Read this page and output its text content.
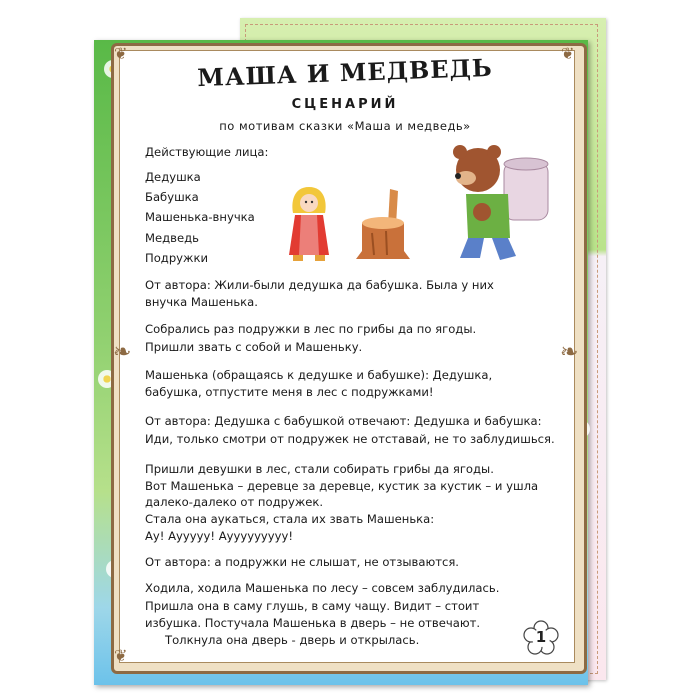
❦	❦
❦
❧	❧
МАША И МЕДВЕДЬ
СЦЕНАРИЙ
по мотивам сказки «Маша и медведь»
Действующие лица:
Дедушка
Бабушка
Машенька-внучка
Медведь
Подружки
От автора: Жили-были дедушка да бабушка. Была у них
внучка Машенька.
Собрались раз подружки в лес по грибы да по ягоды.
Пришли звать с собой и Машеньку.
Машенька (обращаясь к дедушке и бабушке): Дедушка,
бабушка, отпустите меня в лес с подружками!
От автора: Дедушка с бабушкой отвечают: Дедушка и бабушка:
Иди, только смотри от подружек не отставай, не то заблудишься.
Пришли девушки в лес, стали собирать грибы да ягоды.
Вот Машенька – деревце за деревце, кустик за кустик – и ушла
далеко-далеко от подружек.
Стала она аукаться, стала их звать Машенька:
Ау! Аууууу! Аууууууууу!
От автора: а подружки не слышат, не отзываются.
Ходила, ходила Машенька по лесу – совсем заблудилась.
Пришла она в саму глушь, в саму чащу. Видит – стоит
избушка. Постучала Машенька в дверь – не отвечают.
Толкнула она дверь - дверь и открылась.	1
